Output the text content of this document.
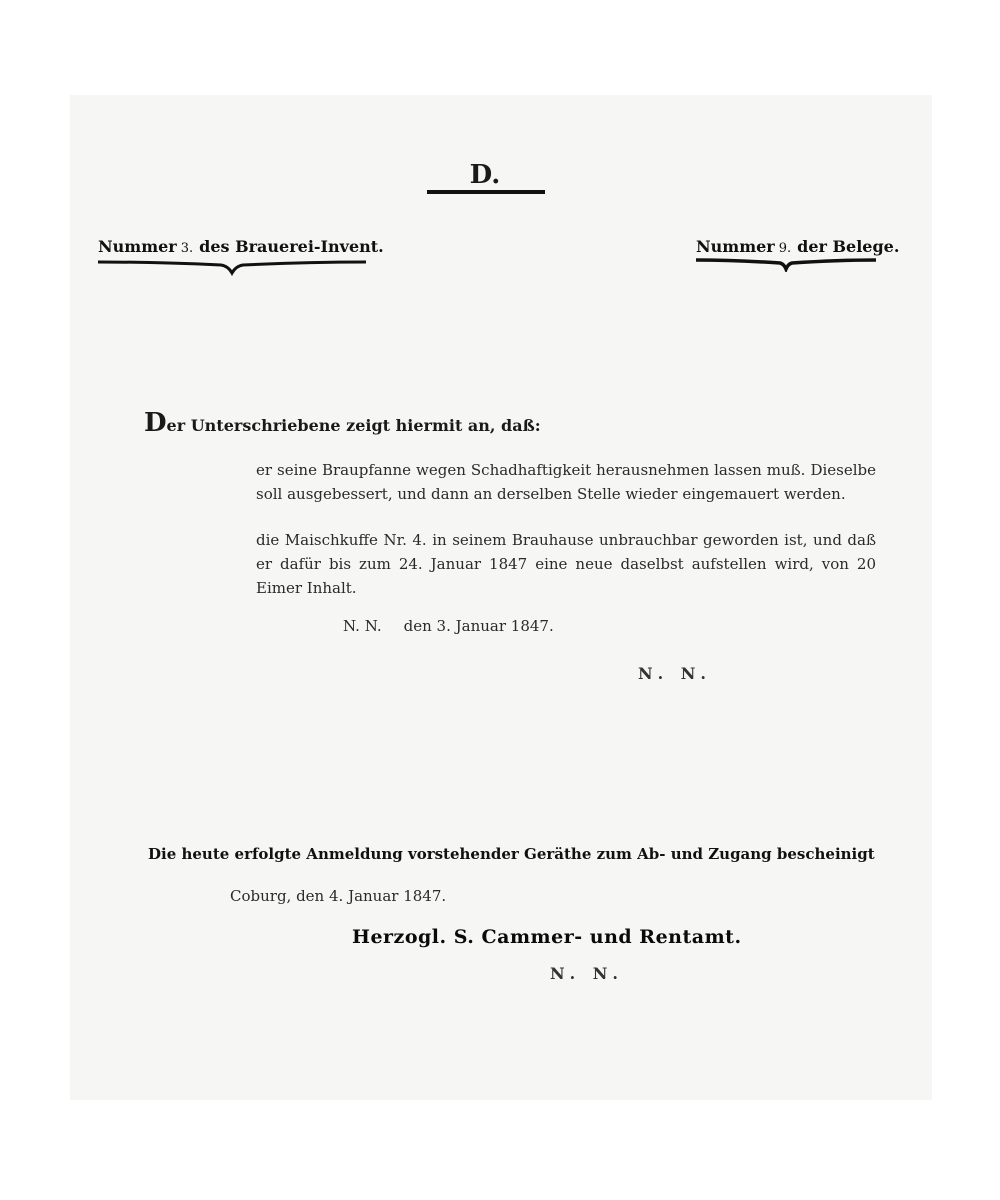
D.
Nummer 3. des Brauerei-Invent.	Nummer 9. der Belege.
Der Unterschriebene zeigt hiermit an, daß:
er seine Braupfanne wegen Schadhaftigkeit herausnehmen lassen muß. Dieselbe soll ausgebessert, und dann an derselben Stelle wieder eingemauert werden.
die Maischkuffe Nr. 4. in seinem Brauhause unbrauchbar geworden ist, und daß er dafür bis zum 24. Januar 1847 eine neue daselbst aufstellen wird, von 20 Eimer Inhalt.
N. N. den 3. Januar 1847.
N. N.
Die heute erfolgte Anmeldung vorstehender Geräthe zum Ab- und Zugang bescheinigt
Coburg, den 4. Januar 1847.
Herzogl. S. Cammer- und Rentamt.
N. N.
